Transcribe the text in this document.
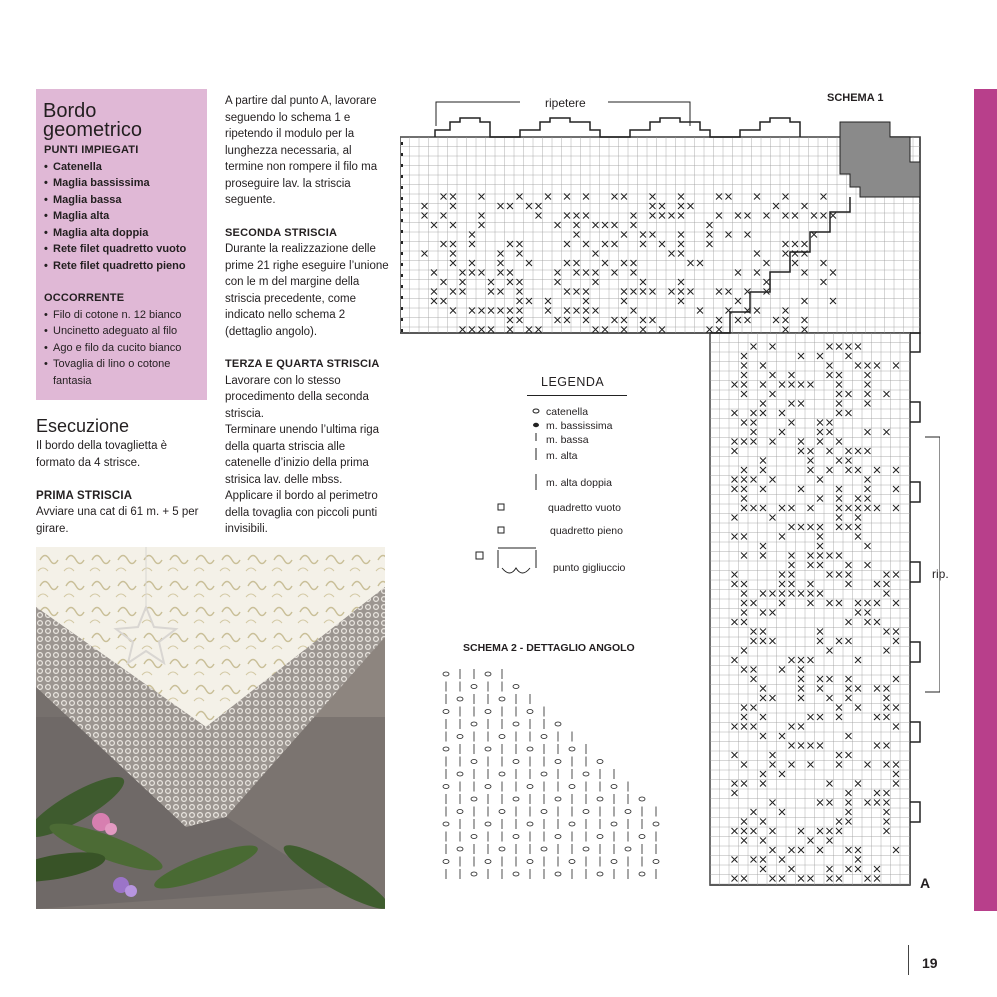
Bordo
geometrico
PUNTI IMPIEGATI
• Catenella
• Maglia bassissima
• Maglia bassa
• Maglia alta
• Maglia alta doppia
• Rete filet quadretto vuoto
• Rete filet quadretto pieno
OCCORRENTE
• Filo di cotone n. 12 bianco
• Uncinetto adeguato al filo
• Ago e filo da cucito bianco
• Tovaglia di lino o cotone fantasia
Esecuzione
Il bordo della tovaglietta è formato da 4 strisce.
PRIMA STRISCIA
Avviare una cat di 61 m. + 5 per girare.
A partire dal punto A, lavorare seguendo lo schema 1 e ripetendo il modulo per la lunghezza necessaria, al termine non rompere il filo ma proseguire lav. la striscia seguente.
SECONDA STRISCIA
Durante la realizzazione delle prime 21 righe eseguire l’unione con le m del margine della striscia precedente, come indicato nello schema 2 (dettaglio angolo).
TERZA E QUARTA STRISCIA
Lavorare con lo stesso procedimento della seconda striscia.
Terminare unendo l’ultima riga della quarta striscia alle catenelle d’inizio della prima strisica lav. delle mbss.
Applicare il bordo al perimetro della tovaglia con piccoli punti invisibili.
SCHEMA 1
ripetere
rip.
A
LEGENDA
catenella
m. bassissima
m. bassa
m. alta
m. alta doppia
quadretto vuoto
quadretto pieno
punto gigliuccio
SCHEMA 2 - DETTAGLIO ANGOLO
19
